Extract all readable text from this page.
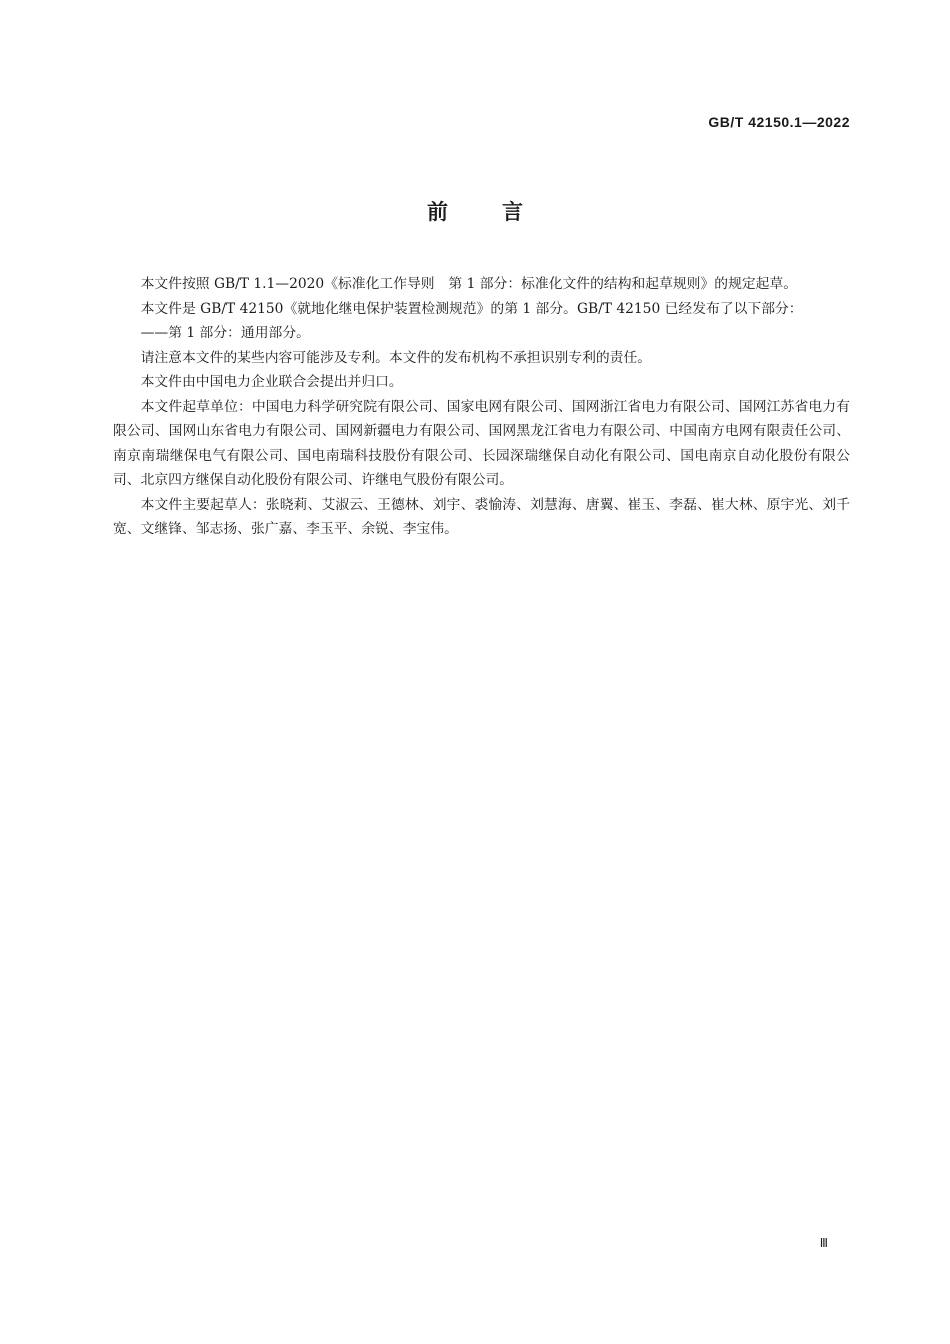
GB/T 42150.1—2022
前言

本文件按照 GB/T 1.1—2020《标准化工作导则　第 1 部分：标准化文件的结构和起草规则》的规定起草。

本文件是 GB/T 42150《就地化继电保护装置检测规范》的第 1 部分。GB/T 42150 已经发布了以下部分：

——第 1 部分：通用部分。

请注意本文件的某些内容可能涉及专利。本文件的发布机构不承担识别专利的责任。

本文件由中国电力企业联合会提出并归口。

本文件起草单位：中国电力科学研究院有限公司、国家电网有限公司、国网浙江省电力有限公司、国网江苏省电力有限公司、国网山东省电力有限公司、国网新疆电力有限公司、国网黑龙江省电力有限公司、中国南方电网有限责任公司、南京南瑞继保电气有限公司、国电南瑞科技股份有限公司、长园深瑞继保自动化有限公司、国电南京自动化股份有限公司、北京四方继保自动化股份有限公司、许继电气股份有限公司。

本文件主要起草人：张晓莉、艾淑云、王德林、刘宇、裘愉涛、刘慧海、唐翼、崔玉、李磊、崔大林、原宇光、刘千宽、文继锋、邹志扬、张广嘉、李玉平、余锐、李宝伟。

Ⅲ
